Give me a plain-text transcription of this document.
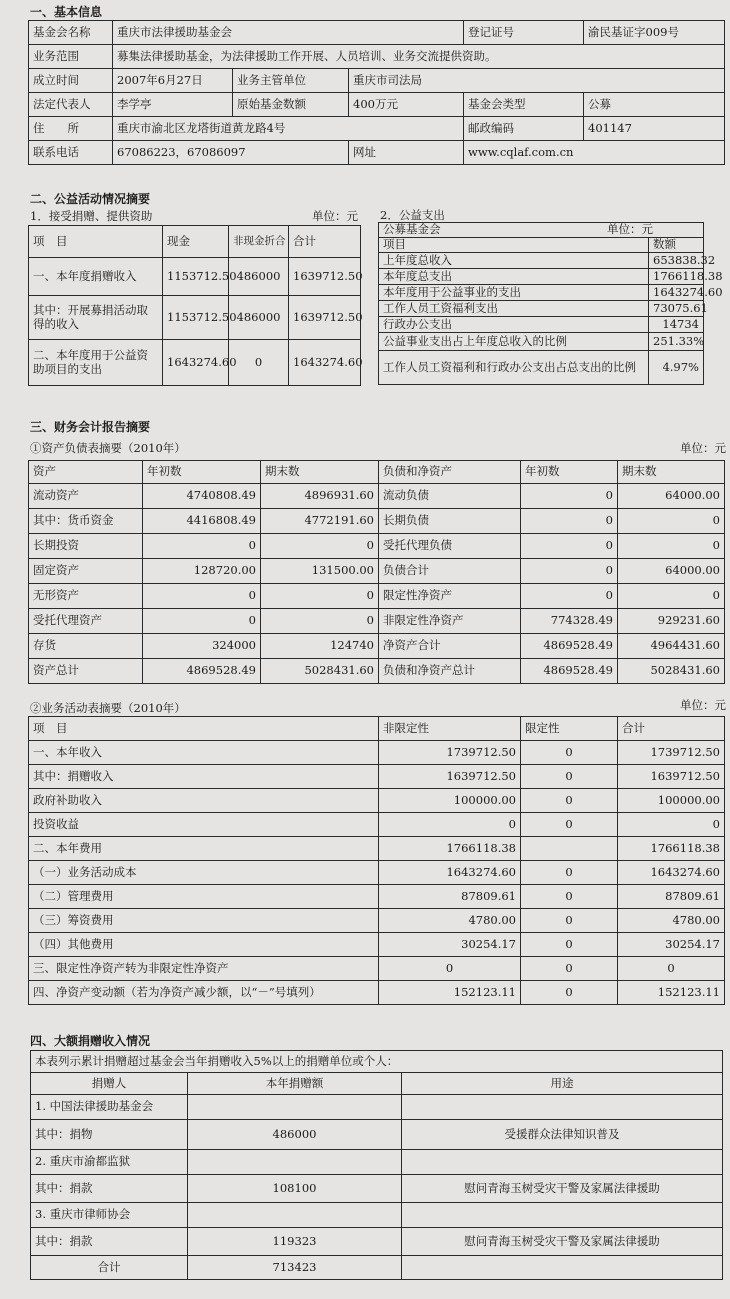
一、基本信息
基金会名称	重庆市法律援助基金会			登记证号	渝民基证字009号
业务范围	募集法律援助基金，为法律援助工作开展、人员培训、业务交流提供资助。				
成立时间	2007年6月27日	业务主管单位	重庆市司法局		
法定代表人	李学亭	原始基金数额	400万元	基金会类型	公募
住　　所	重庆市渝北区龙塔街道黄龙路4号			邮政编码	401147
联系电话	67086223，67086097		网址	www.cqlaf.com.cn	
二、公益活动情况摘要
1．接受捐赠、提供资助	单位：元
项　目	现金	非现金折合	合计
一、本年度捐赠收入	1153712.50	486000	1639712.50
其中：开展募捐活动取得的收入	1153712.50	486000	1639712.50
二、本年度用于公益资助项目的支出	1643274.60	0	1643274.60
2．公益支出
公募基金会	单位：元
项目	数额
上年度总收入	653838.32
本年度总支出	1766118.38
本年度用于公益事业的支出	1643274.60
工作人员工资福利支出	73075.61
行政办公支出	14734
公益事业支出占上年度总收入的比例	251.33%
工作人员工资福利和行政办公支出占总支出的比例	4.97%
三、财务会计报告摘要
①资产负债表摘要（2010年）	单位：元
资产	年初数	期末数	负债和净资产	年初数	期末数
流动资产	4740808.49	4896931.60	流动负债	0	64000.00
其中：货币资金	4416808.49	4772191.60	长期负债	0	0
长期投资	0	0	受托代理负债	0	0
固定资产	128720.00	131500.00	负债合计	0	64000.00
无形资产	0	0	限定性净资产	0	0
受托代理资产	0	0	非限定性净资产	774328.49	929231.60
存货	324000	124740	净资产合计	4869528.49	4964431.60
资产总计	4869528.49	5028431.60	负债和净资产总计	4869528.49	5028431.60
②业务活动表摘要（2010年）	单位：元
项　目	非限定性	限定性	合计
一、本年收入	1739712.50	0	1739712.50
其中：捐赠收入	1639712.50	0	1639712.50
政府补助收入	100000.00	0	100000.00
投资收益	0	0	0
二、本年费用	1766118.38		1766118.38
（一）业务活动成本	1643274.60	0	1643274.60
（二）管理费用	87809.61	0	87809.61
（三）筹资费用	4780.00	0	4780.00
（四）其他费用	30254.17	0	30254.17
三、限定性净资产转为非限定性净资产	0	0	0
四、净资产变动额（若为净资产减少额，以“－”号填列）	152123.11	0	152123.11
四、大额捐赠收入情况
本表列示累计捐赠超过基金会当年捐赠收入5%以上的捐赠单位或个人：		
捐赠人	本年捐赠额	用途
1. 中国法律援助基金会		
其中：捐物	486000	受援群众法律知识普及
2. 重庆市渝都监狱		
其中：捐款	108100	慰问青海玉树受灾干警及家属法律援助
3. 重庆市律师协会		
其中：捐款	119323	慰问青海玉树受灾干警及家属法律援助
合计	713423	
